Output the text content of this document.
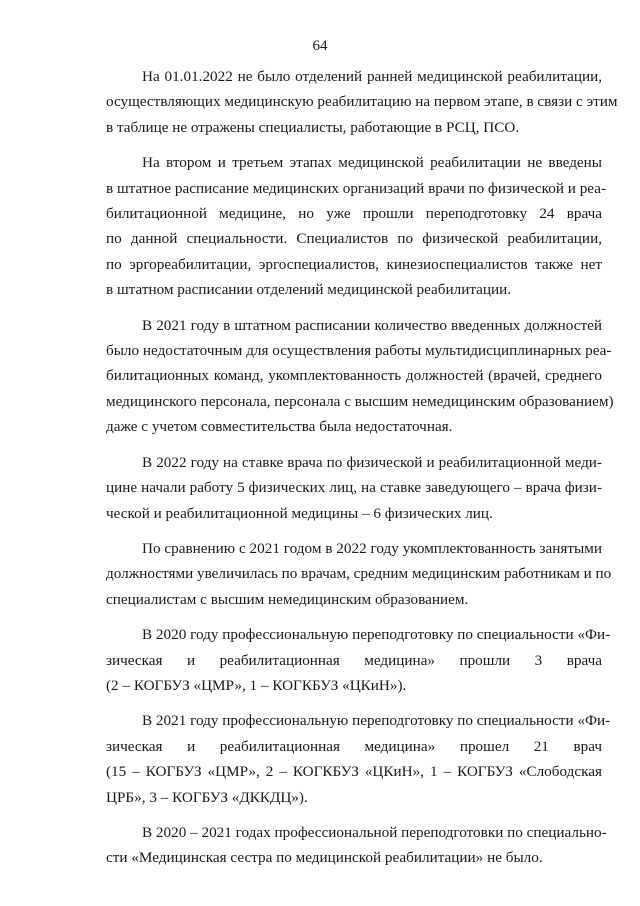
64

На 01.01.2022 не было отделений ранней медицинской реабилитации,
осуществляющих медицинскую реабилитацию на первом этапе, в связи с этим
в таблице не отражены специалисты, работающие в РСЦ, ПСО.

На втором и третьем этапах медицинской реабилитации не введены
в штатное расписание медицинских организаций врачи по физической и реа-
билитационной медицине, но уже прошли переподготовку 24 врача
по данной специальности. Специалистов по физической реабилитации,
по эргореабилитации, эргоспециалистов, кинезиоспециалистов также нет
в штатном расписании отделений медицинской реабилитации.

В 2021 году в штатном расписании количество введенных должностей
было недостаточным для осуществления работы мультидисциплинарных реа-
билитационных команд, укомплектованность должностей (врачей, среднего
медицинского персонала, персонала с высшим немедицинским образованием)
даже с учетом совместительства была недостаточная.

В 2022 году на ставке врача по физической и реабилитационной меди-
цине начали работу 5 физических лиц, на ставке заведующего – врача физи-
ческой и реабилитационной медицины – 6 физических лиц.

По сравнению с 2021 годом в 2022 году укомплектованность занятыми
должностями увеличилась по врачам, средним медицинским работникам и по
специалистам с высшим немедицинским образованием.

В 2020 году профессиональную переподготовку по специальности «Фи-
зическая и реабилитационная медицина» прошли 3 врача
(2 – КОГБУЗ «ЦМР», 1 – КОГКБУЗ «ЦКиН»).

В 2021 году профессиональную переподготовку по специальности «Фи-
зическая и реабилитационная медицина» прошел 21 врач
(15 – КОГБУЗ «ЦМР», 2 – КОГКБУЗ «ЦКиН», 1 – КОГБУЗ «Слободская
ЦРБ», 3 – КОГБУЗ «ДККДЦ»).

В 2020 – 2021 годах профессиональной переподготовки по специально-
сти «Медицинская сестра по медицинской реабилитации» не было.
